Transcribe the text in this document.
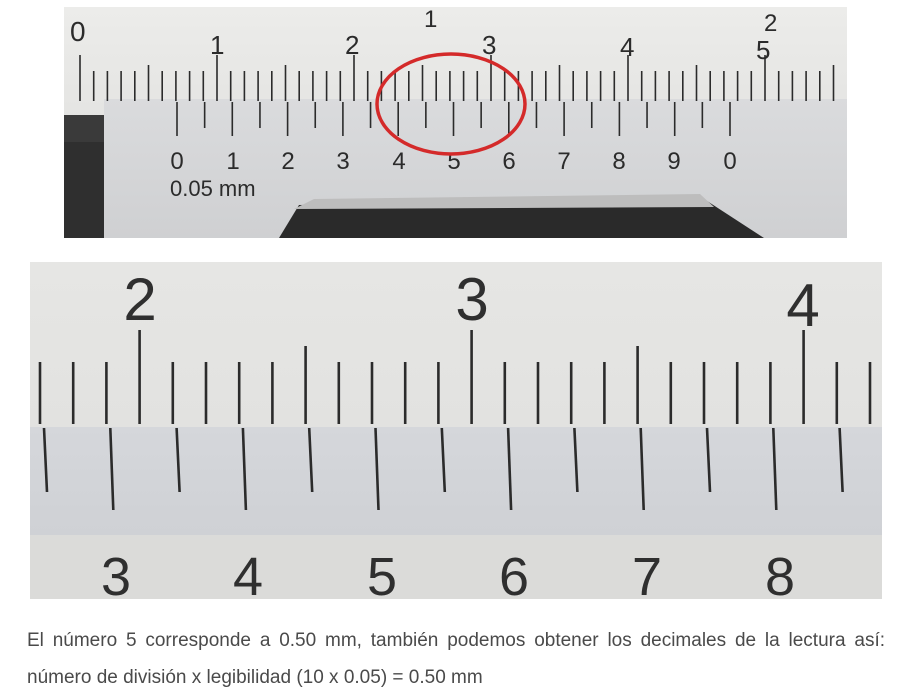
0	1	2
1	2	3	4	5
0 1 2 3 4 5 6 7 8 9 0
0.05 mm
2	3	4
3 4 5 6 7 8
El número 5 corresponde a 0.50 mm, también podemos obtener los decimales de la lectura así: número de división x legibilidad (10 x 0.05) = 0.50 mm
